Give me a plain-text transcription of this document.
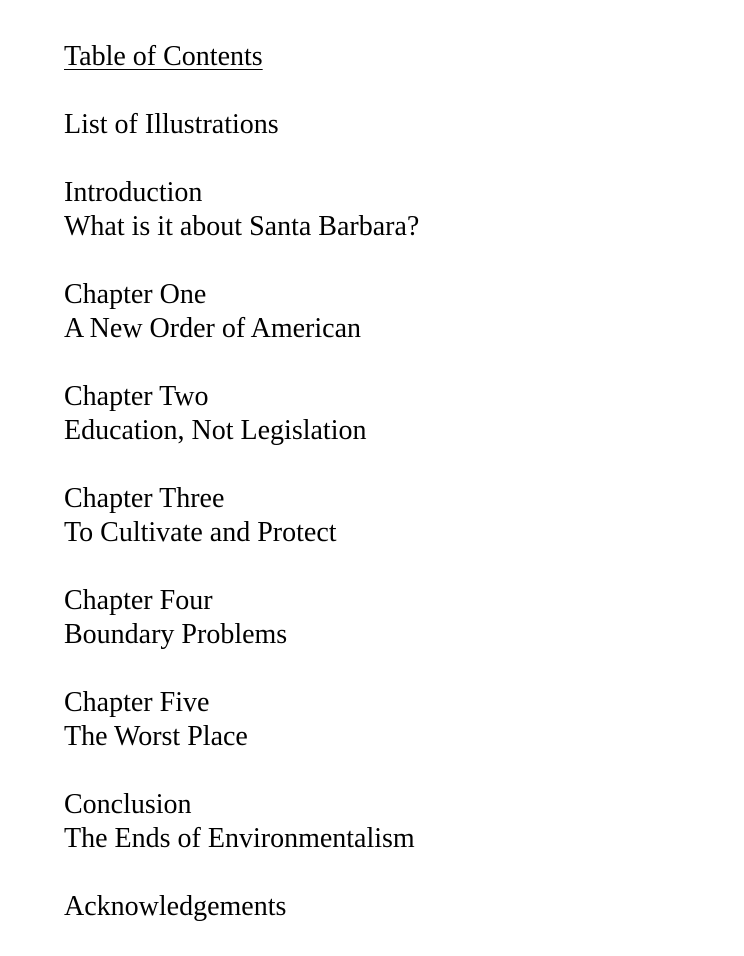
Table of Contents
List of Illustrations
Introduction
What is it about Santa Barbara?
Chapter One
A New Order of American
Chapter Two
Education, Not Legislation
Chapter Three
To Cultivate and Protect
Chapter Four
Boundary Problems
Chapter Five
The Worst Place
Conclusion
The Ends of Environmentalism
Acknowledgements
